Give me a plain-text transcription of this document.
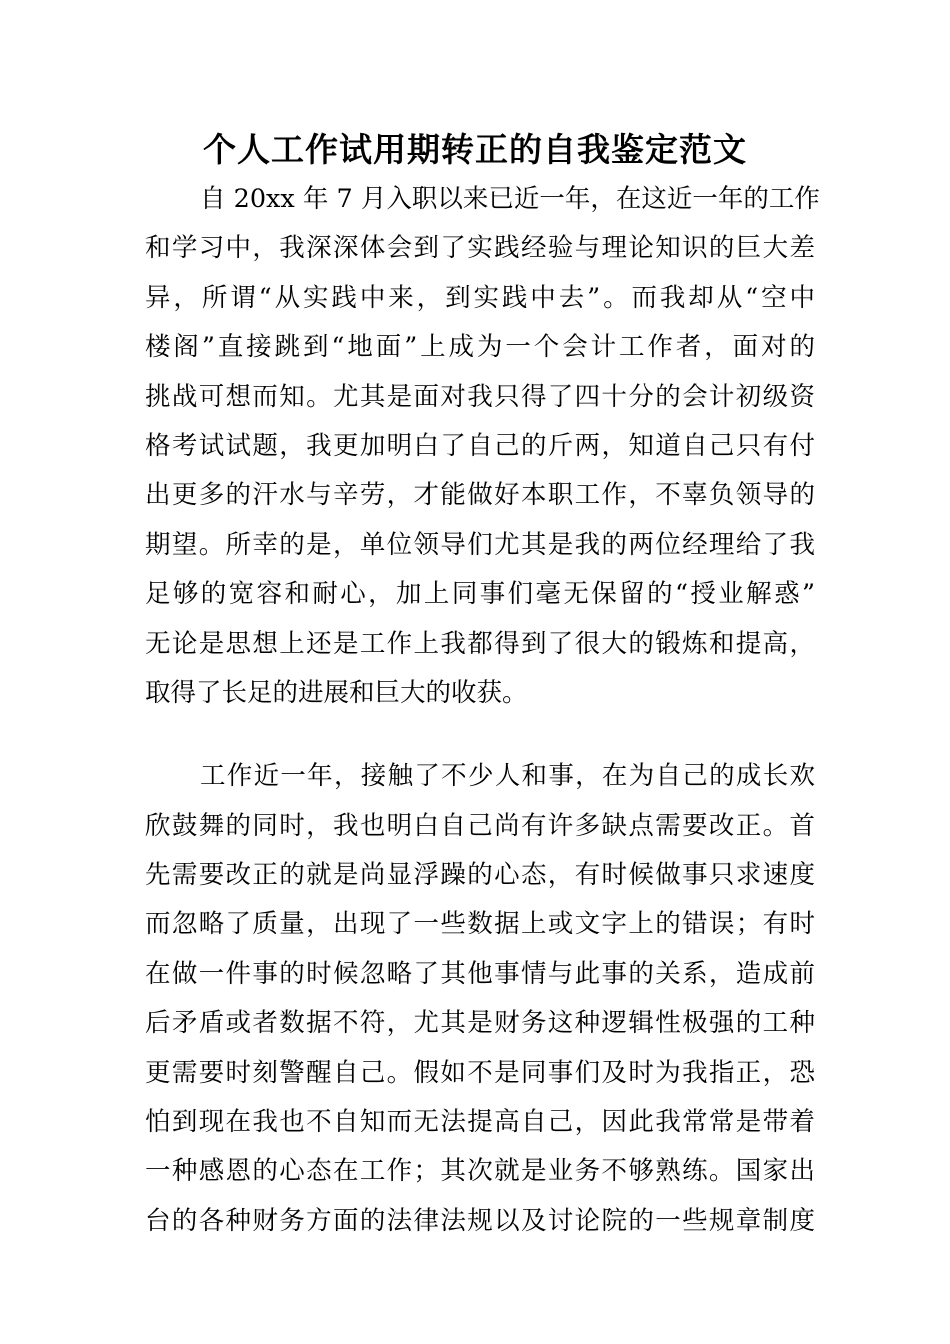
个人工作试用期转正的自我鉴定范文
自 20xx 年 7 月入职以来已近一年，在这近一年的工作
和学习中，我深深体会到了实践经验与理论知识的巨大差
异，所谓“从实践中来，到实践中去”。而我却从“空中
楼阁”直接跳到“地面”上成为一个会计工作者，面对的
挑战可想而知。尤其是面对我只得了四十分的会计初级资
格考试试题，我更加明白了自己的斤两，知道自己只有付
出更多的汗水与辛劳，才能做好本职工作，不辜负领导的
期望。所幸的是，单位领导们尤其是我的两位经理给了我
足够的宽容和耐心，加上同事们毫无保留的“授业解惑”
无论是思想上还是工作上我都得到了很大的锻炼和提高，
取得了长足的进展和巨大的收获。
工作近一年，接触了不少人和事，在为自己的成长欢
欣鼓舞的同时，我也明白自己尚有许多缺点需要改正。首
先需要改正的就是尚显浮躁的心态，有时候做事只求速度
而忽略了质量，出现了一些数据上或文字上的错误；有时
在做一件事的时候忽略了其他事情与此事的关系，造成前
后矛盾或者数据不符，尤其是财务这种逻辑性极强的工种
更需要时刻警醒自己。假如不是同事们及时为我指正，恐
怕到现在我也不自知而无法提高自己，因此我常常是带着
一种感恩的心态在工作；其次就是业务不够熟练。国家出
台的各种财务方面的法律法规以及讨论院的一些规章制度
